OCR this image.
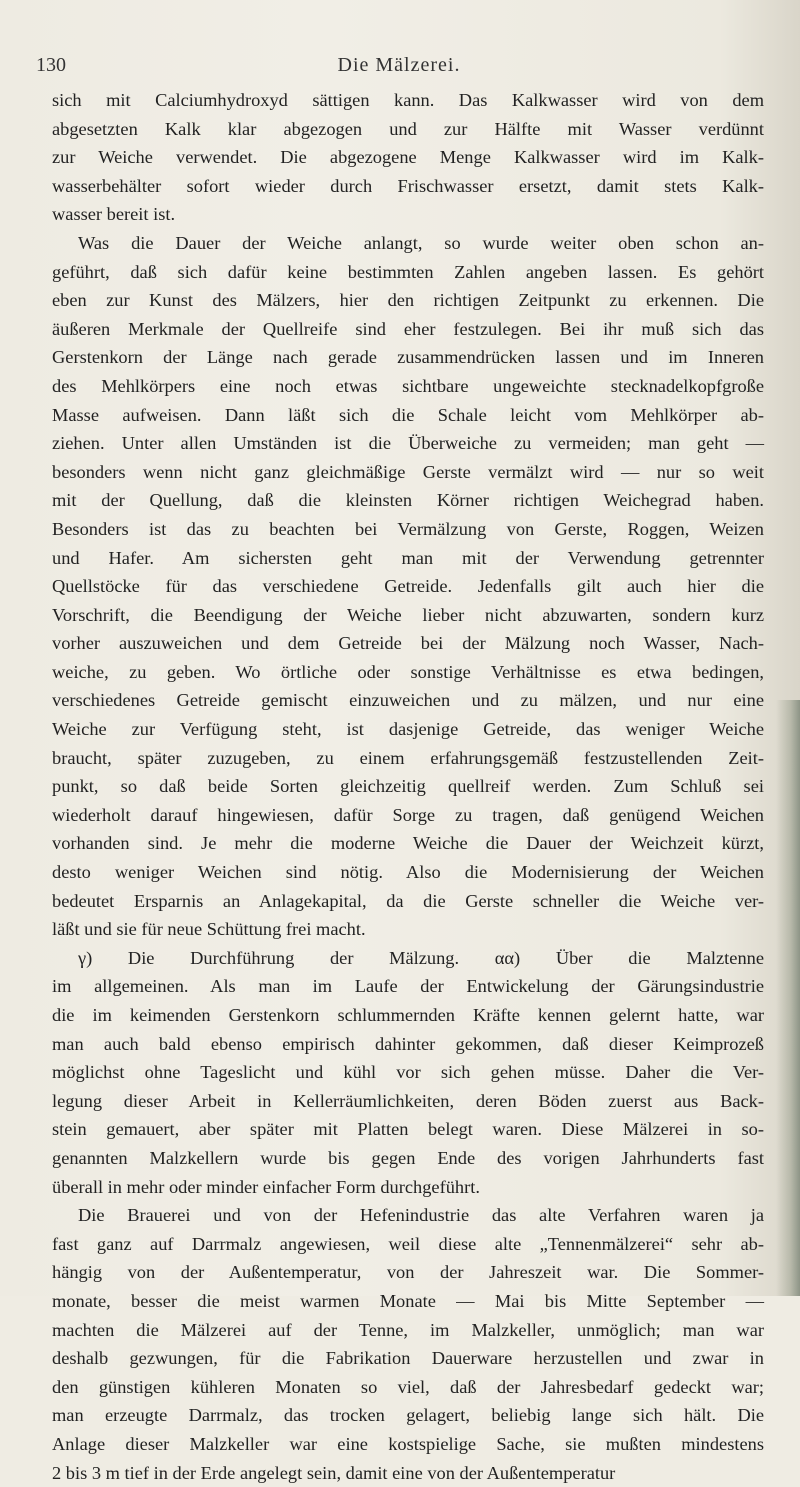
130	Die Mälzerei.

sich mit Calciumhydroxyd sättigen kann. Das Kalkwasser wird von dem
abgesetzten Kalk klar abgezogen und zur Hälfte mit Wasser verdünnt
zur Weiche verwendet. Die abgezogene Menge Kalkwasser wird im Kalk-
wasserbehälter sofort wieder durch Frischwasser ersetzt, damit stets Kalk-
wasser bereit ist.

Was die Dauer der Weiche anlangt, so wurde weiter oben schon an-
geführt, daß sich dafür keine bestimmten Zahlen angeben lassen. Es gehört
eben zur Kunst des Mälzers, hier den richtigen Zeitpunkt zu erkennen. Die
äußeren Merkmale der Quellreife sind eher festzulegen. Bei ihr muß sich das
Gerstenkorn der Länge nach gerade zusammendrücken lassen und im Inneren
des Mehlkörpers eine noch etwas sichtbare ungeweichte stecknadelkopfgroße
Masse aufweisen. Dann läßt sich die Schale leicht vom Mehlkörper ab-
ziehen. Unter allen Umständen ist die Überweiche zu vermeiden; man geht —
besonders wenn nicht ganz gleichmäßige Gerste vermälzt wird — nur so weit
mit der Quellung, daß die kleinsten Körner richtigen Weichegrad haben.
Besonders ist das zu beachten bei Vermälzung von Gerste, Roggen, Weizen
und Hafer. Am sichersten geht man mit der Verwendung getrennter
Quellstöcke für das verschiedene Getreide. Jedenfalls gilt auch hier die
Vorschrift, die Beendigung der Weiche lieber nicht abzuwarten, sondern kurz
vorher auszuweichen und dem Getreide bei der Mälzung noch Wasser, Nach-
weiche, zu geben. Wo örtliche oder sonstige Verhältnisse es etwa bedingen,
verschiedenes Getreide gemischt einzuweichen und zu mälzen, und nur eine
Weiche zur Verfügung steht, ist dasjenige Getreide, das weniger Weiche
braucht, später zuzugeben, zu einem erfahrungsgemäß festzustellenden Zeit-
punkt, so daß beide Sorten gleichzeitig quellreif werden. Zum Schluß sei
wiederholt darauf hingewiesen, dafür Sorge zu tragen, daß genügend Weichen
vorhanden sind. Je mehr die moderne Weiche die Dauer der Weichzeit kürzt,
desto weniger Weichen sind nötig. Also die Modernisierung der Weichen
bedeutet Ersparnis an Anlagekapital, da die Gerste schneller die Weiche ver-
läßt und sie für neue Schüttung frei macht.

γ) Die Durchführung der Mälzung. αα) Über die Malztenne
im allgemeinen. Als man im Laufe der Entwickelung der Gärungsindustrie
die im keimenden Gerstenkorn schlummernden Kräfte kennen gelernt hatte, war
man auch bald ebenso empirisch dahinter gekommen, daß dieser Keimprozeß
möglichst ohne Tageslicht und kühl vor sich gehen müsse. Daher die Ver-
legung dieser Arbeit in Kellerräumlichkeiten, deren Böden zuerst aus Back-
stein gemauert, aber später mit Platten belegt waren. Diese Mälzerei in so-
genannten Malzkellern wurde bis gegen Ende des vorigen Jahrhunderts fast
überall in mehr oder minder einfacher Form durchgeführt.

Die Brauerei und von der Hefenindustrie das alte Verfahren waren ja
fast ganz auf Darrmalz angewiesen, weil diese alte „Tennenmälzerei“ sehr ab-
hängig von der Außentemperatur, von der Jahreszeit war. Die Sommer-
monate, besser die meist warmen Monate — Mai bis Mitte September —
machten die Mälzerei auf der Tenne, im Malzkeller, unmöglich; man war
deshalb gezwungen, für die Fabrikation Dauerware herzustellen und zwar in
den günstigen kühleren Monaten so viel, daß der Jahresbedarf gedeckt war;
man erzeugte Darrmalz, das trocken gelagert, beliebig lange sich hält. Die
Anlage dieser Malzkeller war eine kostspielige Sache, sie mußten mindestens
2 bis 3 m tief in der Erde angelegt sein, damit eine von der Außentemperatur
